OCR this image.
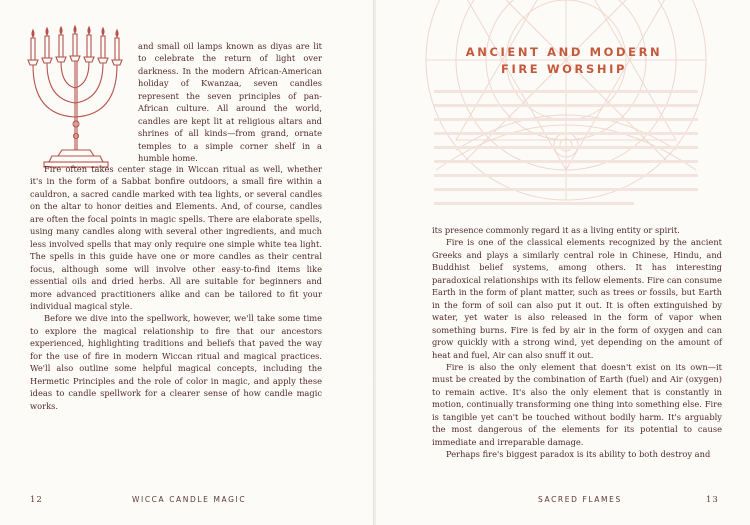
and small oil lamps known as diyas are lit to celebrate the return of light over darkness. In the modern African-American holiday of Kwanzaa, seven candles represent the seven principles of pan-African culture. All around the world, candles are kept lit at religious altars and shrines of all kinds—from grand, ornate temples to a simple corner shelf in a humble home.

Fire often takes center stage in Wiccan ritual as well, whether it's in the form of a Sabbat bonfire outdoors, a small fire within a cauldron, a sacred candle marked with tea lights, or several candles on the altar to honor deities and Elements. And, of course, candles are often the focal points in magic spells. There are elaborate spells, using many candles along with several other ingredients, and much less involved spells that may only require one simple white tea light. The spells in this guide have one or more candles as their central focus, although some will involve other easy-to-find items like essential oils and dried herbs. All are suitable for beginners and more advanced practitioners alike and can be tailored to fit your individual magical style.

Before we dive into the spellwork, however, we'll take some time to explore the magical relationship to fire that our ancestors experienced, highlighting traditions and beliefs that paved the way for the use of fire in modern Wiccan ritual and magical practices. We'll also outline some helpful magical concepts, including the Hermetic Principles and the role of color in magic, and apply these ideas to candle spellwork for a clearer sense of how candle magic works.

12	WICCA CANDLE MAGIC
ANCIENT AND MODERN
FIRE WORSHIP

its presence commonly regard it as a living entity or spirit.

Fire is one of the classical elements recognized by the ancient Greeks and plays a similarly central role in Chinese, Hindu, and Buddhist belief systems, among others. It has interesting paradoxical relationships with its fellow elements. Fire can consume Earth in the form of plant matter, such as trees or fossils, but Earth in the form of soil can also put it out. It is often extinguished by water, yet water is also released in the form of vapor when something burns. Fire is fed by air in the form of oxygen and can grow quickly with a strong wind, yet depending on the amount of heat and fuel, Air can also snuff it out.

Fire is also the only element that doesn't exist on its own—it must be created by the combination of Earth (fuel) and Air (oxygen) to remain active. It's also the only element that is constantly in motion, continually transforming one thing into something else. Fire is tangible yet can't be touched without bodily harm. It's arguably the most dangerous of the elements for its potential to cause immediate and irreparable damage.

Perhaps fire's biggest paradox is its ability to both destroy and

SACRED FLAMES	13
